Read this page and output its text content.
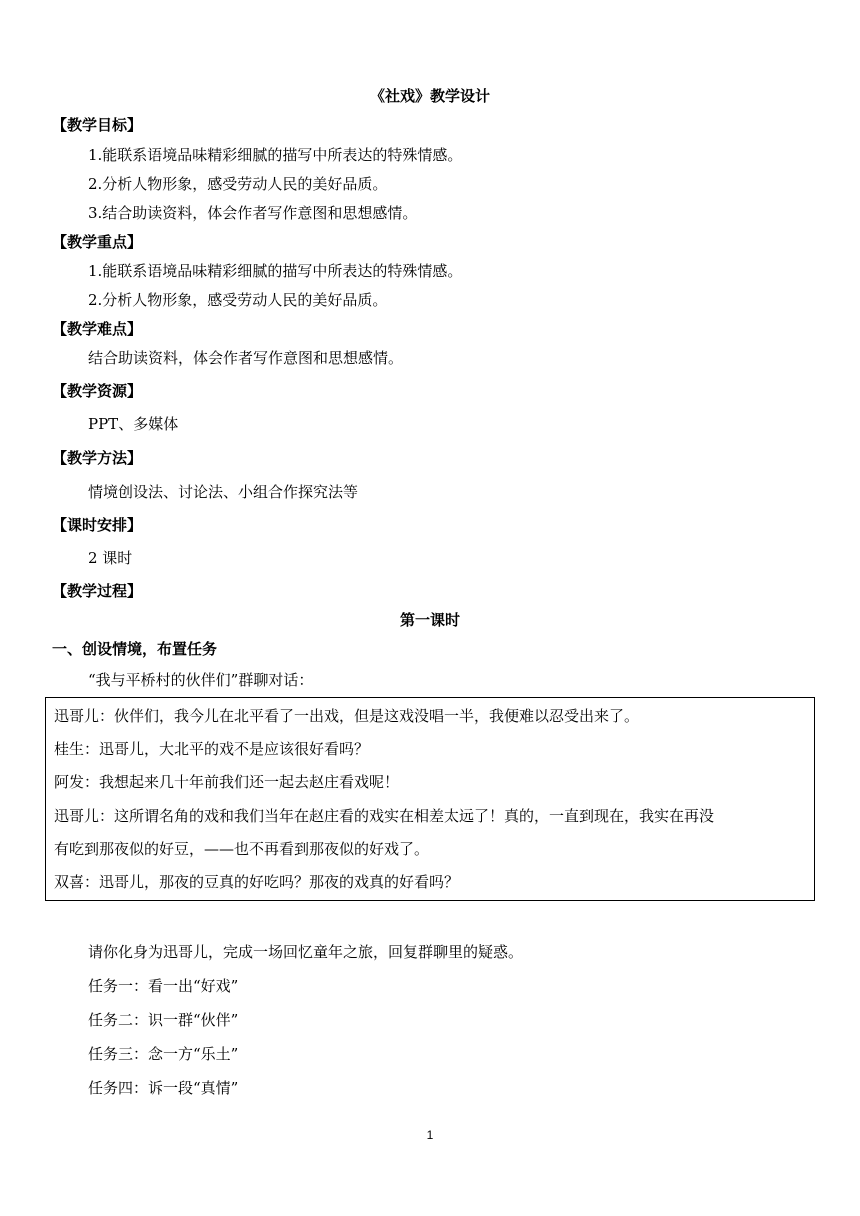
《社戏》教学设计
【教学目标】
1.能联系语境品味精彩细腻的描写中所表达的特殊情感。
2.分析人物形象，感受劳动人民的美好品质。
3.结合助读资料，体会作者写作意图和思想感情。
【教学重点】
1.能联系语境品味精彩细腻的描写中所表达的特殊情感。
2.分析人物形象，感受劳动人民的美好品质。
【教学难点】
结合助读资料，体会作者写作意图和思想感情。
【教学资源】
PPT、多媒体
【教学方法】
情境创设法、讨论法、小组合作探究法等
【课时安排】
2 课时
【教学过程】
第一课时
一、创设情境，布置任务
“我与平桥村的伙伴们”群聊对话：
迅哥儿：伙伴们，我今儿在北平看了一出戏，但是这戏没唱一半，我便难以忍受出来了。
桂生：迅哥儿，大北平的戏不是应该很好看吗？
阿发：我想起来几十年前我们还一起去赵庄看戏呢！
迅哥儿：这所谓名角的戏和我们当年在赵庄看的戏实在相差太远了！真的，一直到现在，我实在再没
有吃到那夜似的好豆，——也不再看到那夜似的好戏了。
双喜：迅哥儿，那夜的豆真的好吃吗？那夜的戏真的好看吗？
请你化身为迅哥儿，完成一场回忆童年之旅，回复群聊里的疑惑。
任务一：看一出“好戏”
任务二：识一群“伙伴”
任务三：念一方“乐土”
任务四：诉一段“真情”
1
